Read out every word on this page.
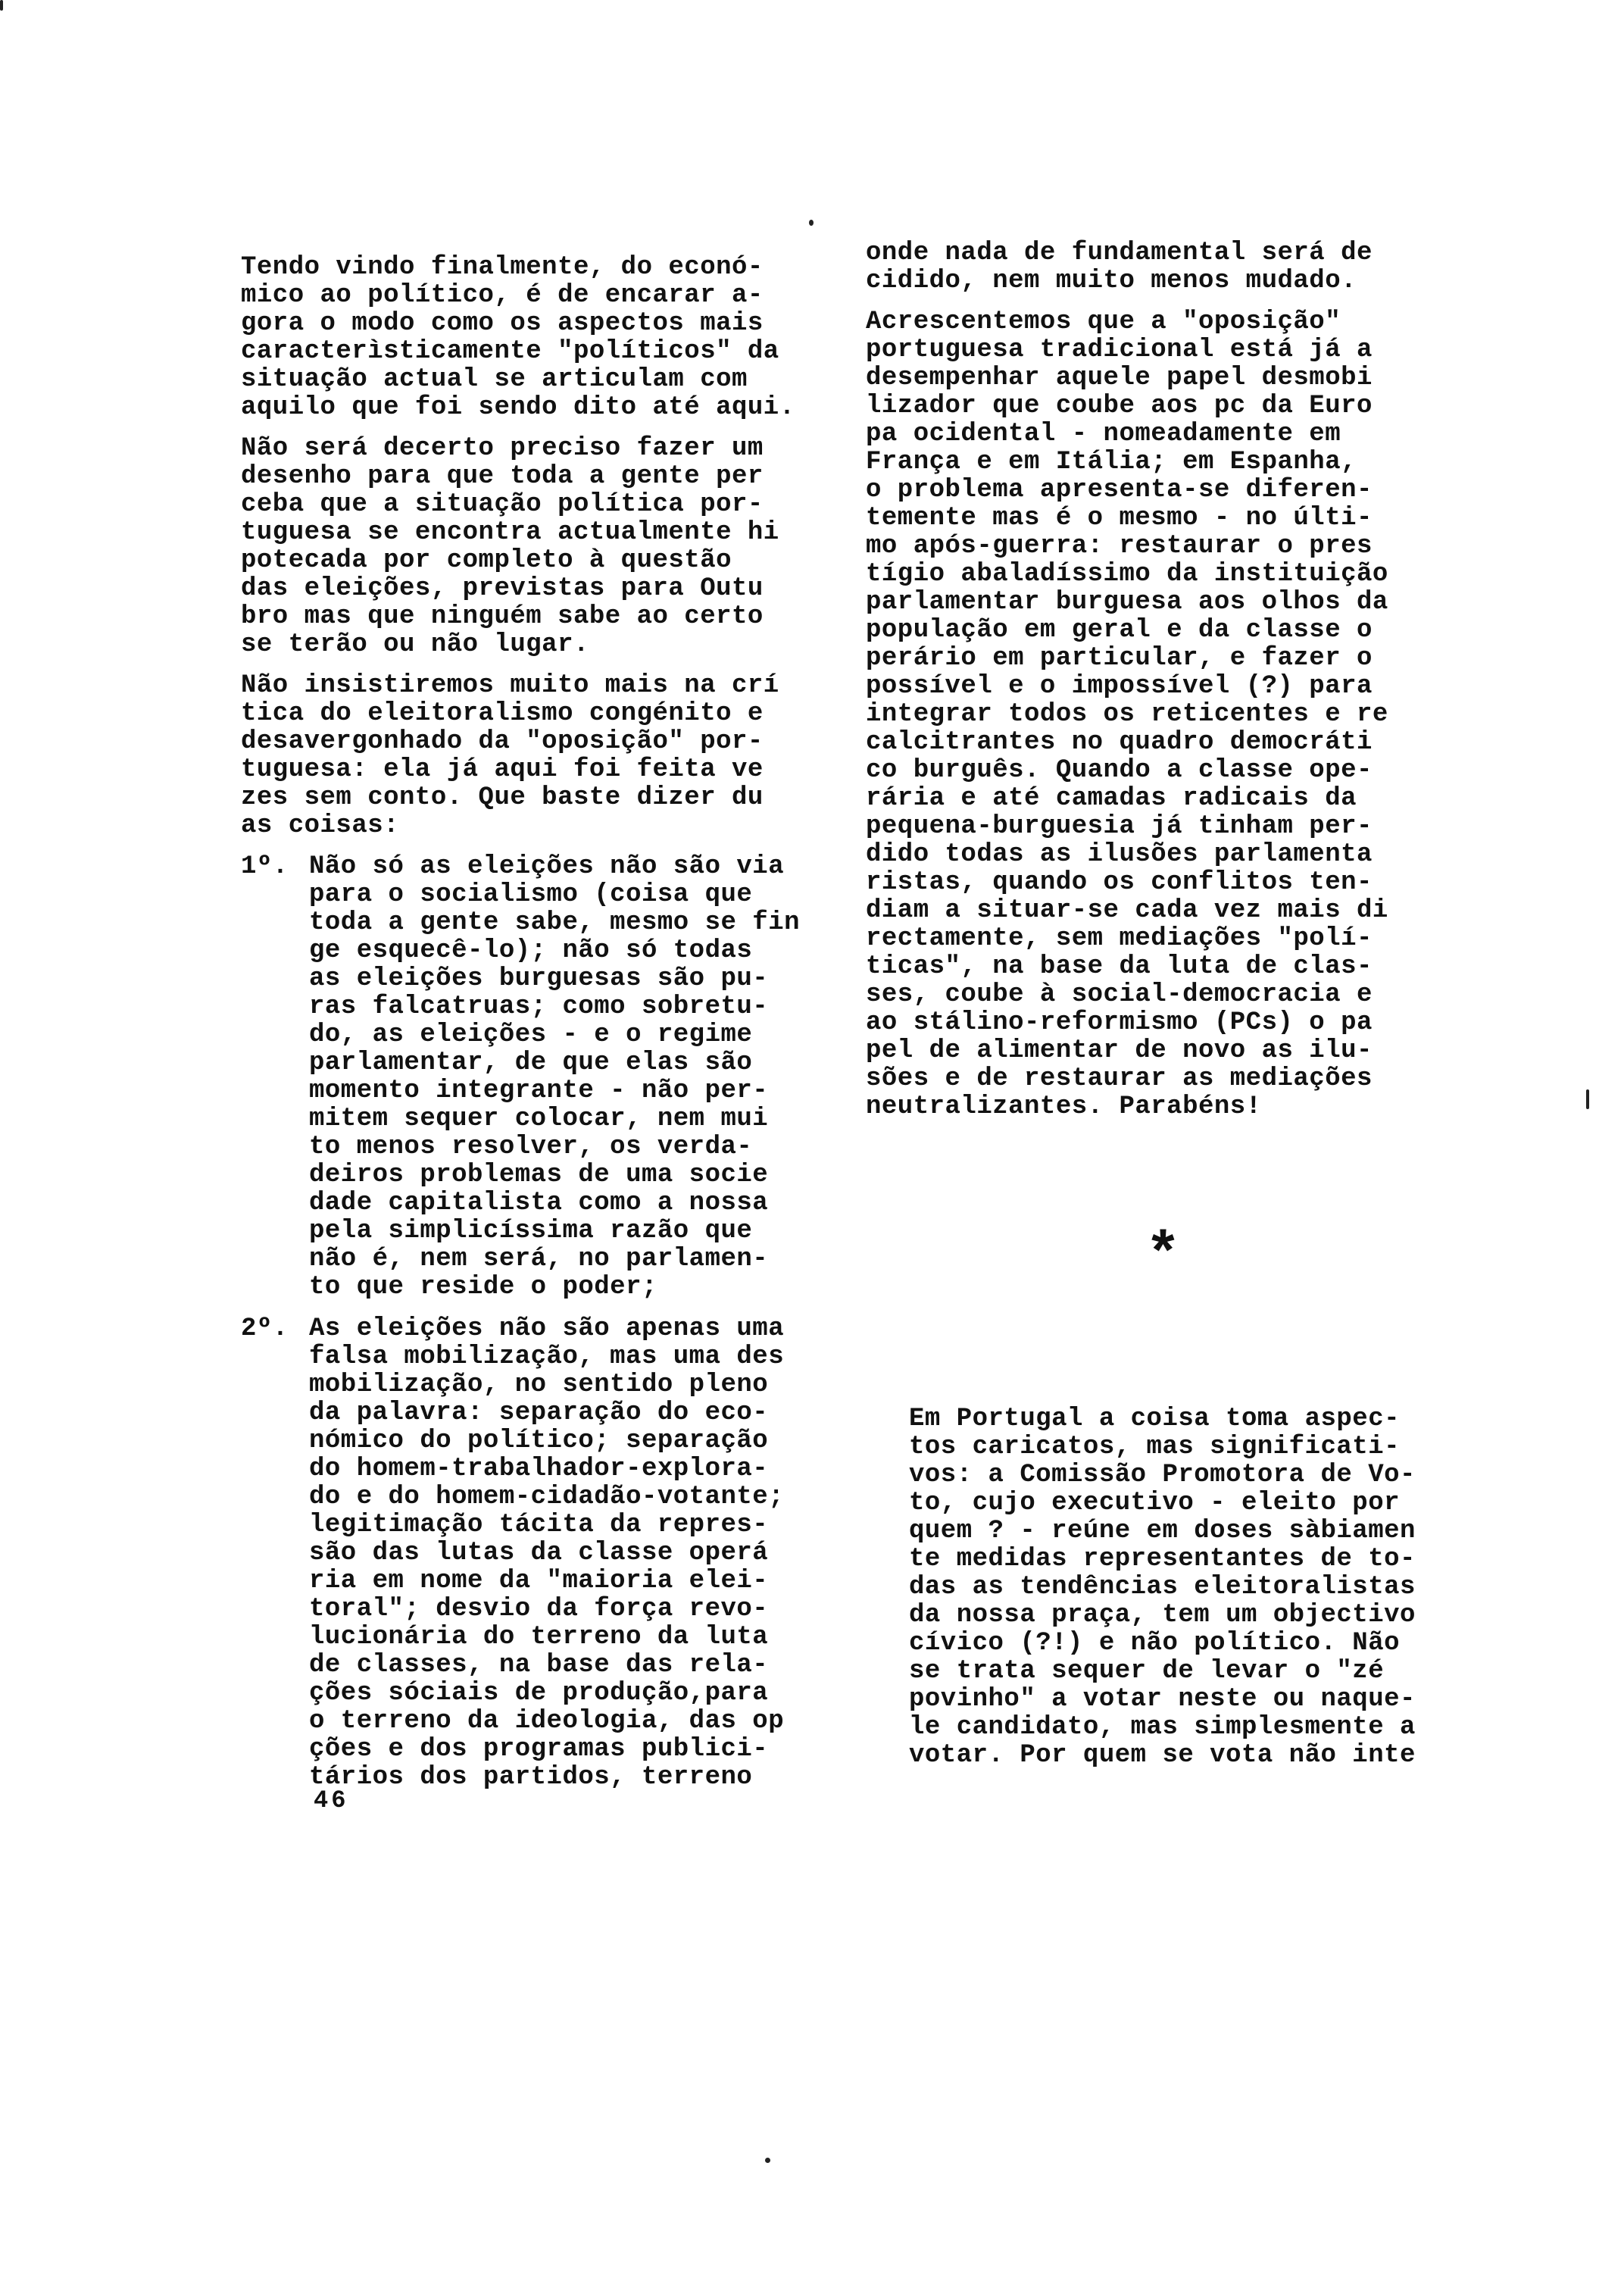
Tendo vindo finalmente, do econó-
mico ao político, é de encarar a-
gora o modo como os aspectos mais
caracterìsticamente "políticos" da
situação actual se articulam com
aquilo que foi sendo dito até aqui.
Não será decerto preciso fazer um
desenho para que toda a gente per
ceba que a situação política por-
tuguesa se encontra actualmente hi
potecada por completo à questão
das eleições, previstas para Outu
bro mas que ninguém sabe ao certo
se terão ou não lugar.
Não insistiremos muito mais na crí
tica do eleitoralismo congénito e
desavergonhado da "oposição" por-
tuguesa: ela já aqui foi feita ve
zes sem conto. Que baste dizer du
as coisas:
1º. Não só as eleições não são via
para o socialismo (coisa que
toda a gente sabe, mesmo se fin
ge esquecê-lo); não só todas
as eleições burguesas são pu-
ras falcatruas; como sobretu-
do, as eleições - e o regime
parlamentar, de que elas são
momento integrante - não per-
mitem sequer colocar, nem mui
to menos resolver, os verda-
deiros problemas de uma socie
dade capitalista como a nossa
pela simplicíssima razão que
não é, nem será, no parlamen-
to que reside o poder;
2º. As eleições não são apenas uma
falsa mobilização, mas uma des
mobilização, no sentido pleno
da palavra: separação do eco-
nómico do político; separação
do homem-trabalhador-explora-
do e do homem-cidadão-votante;
legitimação tácita da repres-
são das lutas da classe operá
ria em nome da "maioria elei-
toral"; desvio da força revo-
lucionária do terreno da luta
de classes, na base das rela-
ções sóciais de produção,para
o terreno da ideologia, das op
ções e dos programas publici-
tários dos partidos, terreno
46
onde nada de fundamental será de
cidido, nem muito menos mudado.
Acrescentemos que a "oposição"
portuguesa tradicional está já a
desempenhar aquele papel desmobi
lizador que coube aos pc da Euro
pa ocidental - nomeadamente em
França e em Itália; em Espanha,
o problema apresenta-se diferen-
temente mas é o mesmo - no últi-
mo após-guerra: restaurar o pres
tígio abaladíssimo da instituição
parlamentar burguesa aos olhos da
população em geral e da classe o
perário em particular, e fazer o
possível e o impossível (?) para
integrar todos os reticentes e re
calcitrantes no quadro democráti
co burguês. Quando a classe ope-
rária e até camadas radicais da
pequena-burguesia já tinham per-
dido todas as ilusões parlamenta
ristas, quando os conflitos ten-
diam a situar-se cada vez mais di
rectamente, sem mediações "polí-
ticas", na base da luta de clas-
ses, coube à social-democracia e
ao stálino-reformismo (PCs) o pa
pel de alimentar de novo as ilu-
sões e de restaurar as mediações
neutralizantes. Parabéns!
*
Em Portugal a coisa toma aspec-
tos caricatos, mas significati-
vos: a Comissão Promotora de Vo-
to, cujo executivo - eleito por
quem ? - reúne em doses sàbiamen
te medidas representantes de to-
das as tendências eleitoralistas
da nossa praça, tem um objectivo
cívico (?!) e não político. Não
se trata sequer de levar o "zé
povinho" a votar neste ou naque-
le candidato, mas simplesmente a
votar. Por quem se vota não inte
